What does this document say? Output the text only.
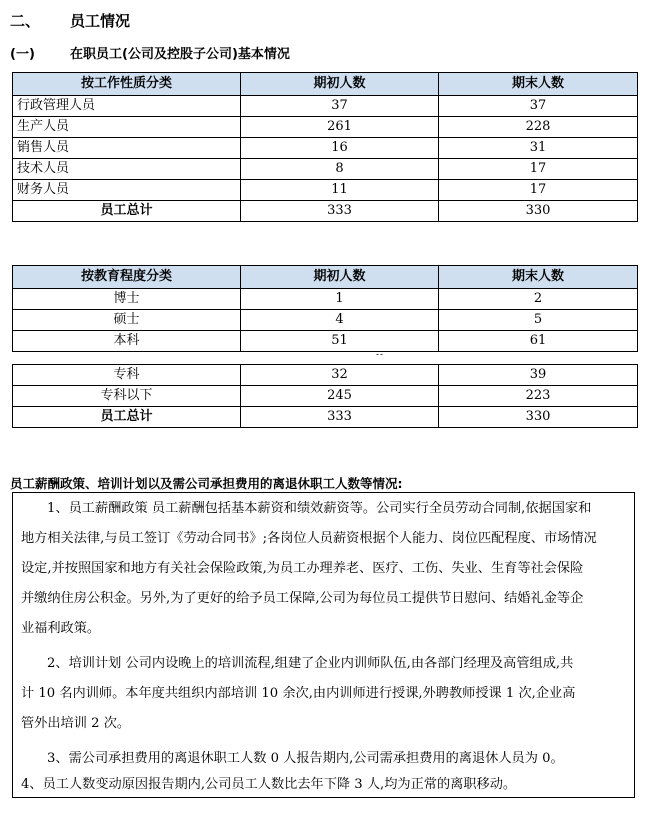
二、 员工情况
(一)	在职员工(公司及控股子公司)基本情况
按工作性质分类	期初人数	期末人数
行政管理人员	37	37
生产人员	261	228
销售人员	16	31
技术人员	8	17
财务人员	11	17
员工总计	333	330
按教育程度分类	期初人数	期末人数
博士	1	2
硕士	4	5
本科	51	61
--
专科	32	39
专科以下	245	223
员工总计	333	330
员工薪酬政策、培训计划以及需公司承担费用的离退休职工人数等情况:
1、员工薪酬政策 员工薪酬包括基本薪资和绩效薪资等。公司实行全员劳动合同制,依据国家和
地方相关法律,与员工签订《劳动合同书》;各岗位人员薪资根据个人能力、岗位匹配程度、市场情况
设定,并按照国家和地方有关社会保险政策,为员工办理养老、医疗、工伤、失业、生育等社会保险
并缴纳住房公积金。另外,为了更好的给予员工保障,公司为每位员工提供节日慰问、结婚礼金等企
业福利政策。
2、培训计划 公司内设晚上的培训流程,组建了企业内训师队伍,由各部门经理及高管组成,共
计 10 名内训师。本年度共组织内部培训 10 余次,由内训师进行授课,外聘教师授课 1 次,企业高
管外出培训 2 次。
3、需公司承担费用的离退休职工人数 0 人报告期内,公司需承担费用的离退休人员为 0。
4、员工人数变动原因报告期内,公司员工人数比去年下降 3 人,均为正常的离职移动。
